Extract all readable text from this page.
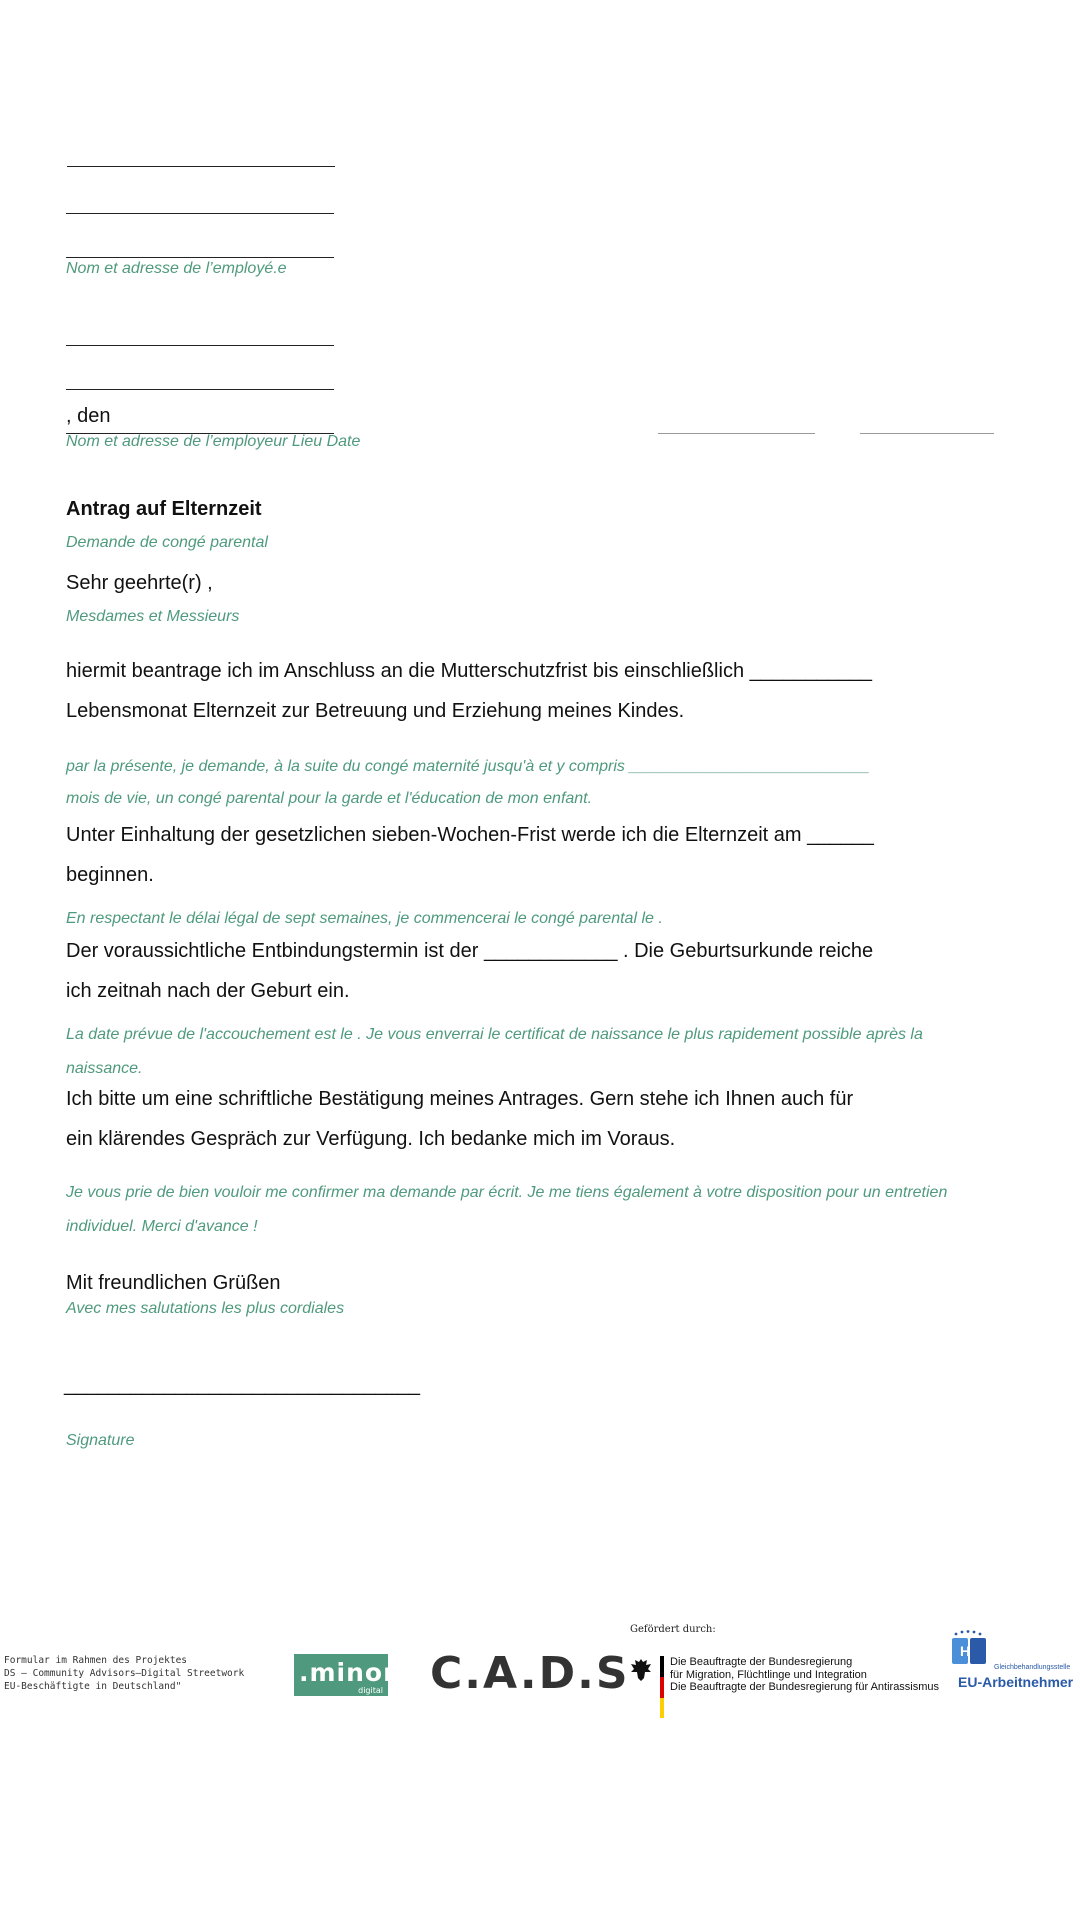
Nom et adresse de l’employé.e
, den
Nom et adresse de l’employeur Lieu Date
Antrag auf Elternzeit
Demande de congé parental
Sehr geehrte(r) ,
Mesdames et Messieurs
hiermit beantrage ich im Anschluss an die Mutterschutzfrist bis einschließlich ___________
Lebensmonat Elternzeit zur Betreuung und Erziehung meines Kindes.
par la présente, je demande, à la suite du congé maternité jusqu'à et y compris ___________________________
mois de vie, un congé parental pour la garde et l'éducation de mon enfant.
Unter Einhaltung der gesetzlichen sieben-Wochen-Frist werde ich die Elternzeit am ______
beginnen.
En respectant le délai légal de sept semaines, je commencerai le congé parental le .
Der voraussichtliche Entbindungstermin ist der ____________ . Die Geburtsurkunde reiche
ich zeitnah nach der Geburt ein.
La date prévue de l'accouchement est le . Je vous enverrai le certificat de naissance le plus rapidement possible après la
naissance.
Ich bitte um eine schriftliche Bestätigung meines Antrages. Gern stehe ich Ihnen auch für
ein klärendes Gespräch zur Verfügung. Ich bedanke mich im Voraus.
Je vous prie de bien vouloir me confirmer ma demande par écrit. Je me tiens également à votre disposition pour un entretien
individuel. Merci d'avance !
Mit freundlichen Grüßen
Avec mes salutations les plus cordiales
________________________________
Signature
Formular im Rahmen des Projektes
DS – Community Advisors–Digital Streetwork
EU-Beschäftigte in Deutschland"	.minor
digital C.A.D.S
Gefördert durch:
Die Beauftragte der Bundesregierung
für Migration, Flüchtlinge und Integration
Die Beauftragte der Bundesregierung für Antirassismus
H
Gleichbehandlungsstelle
EU-Arbeitnehmer
